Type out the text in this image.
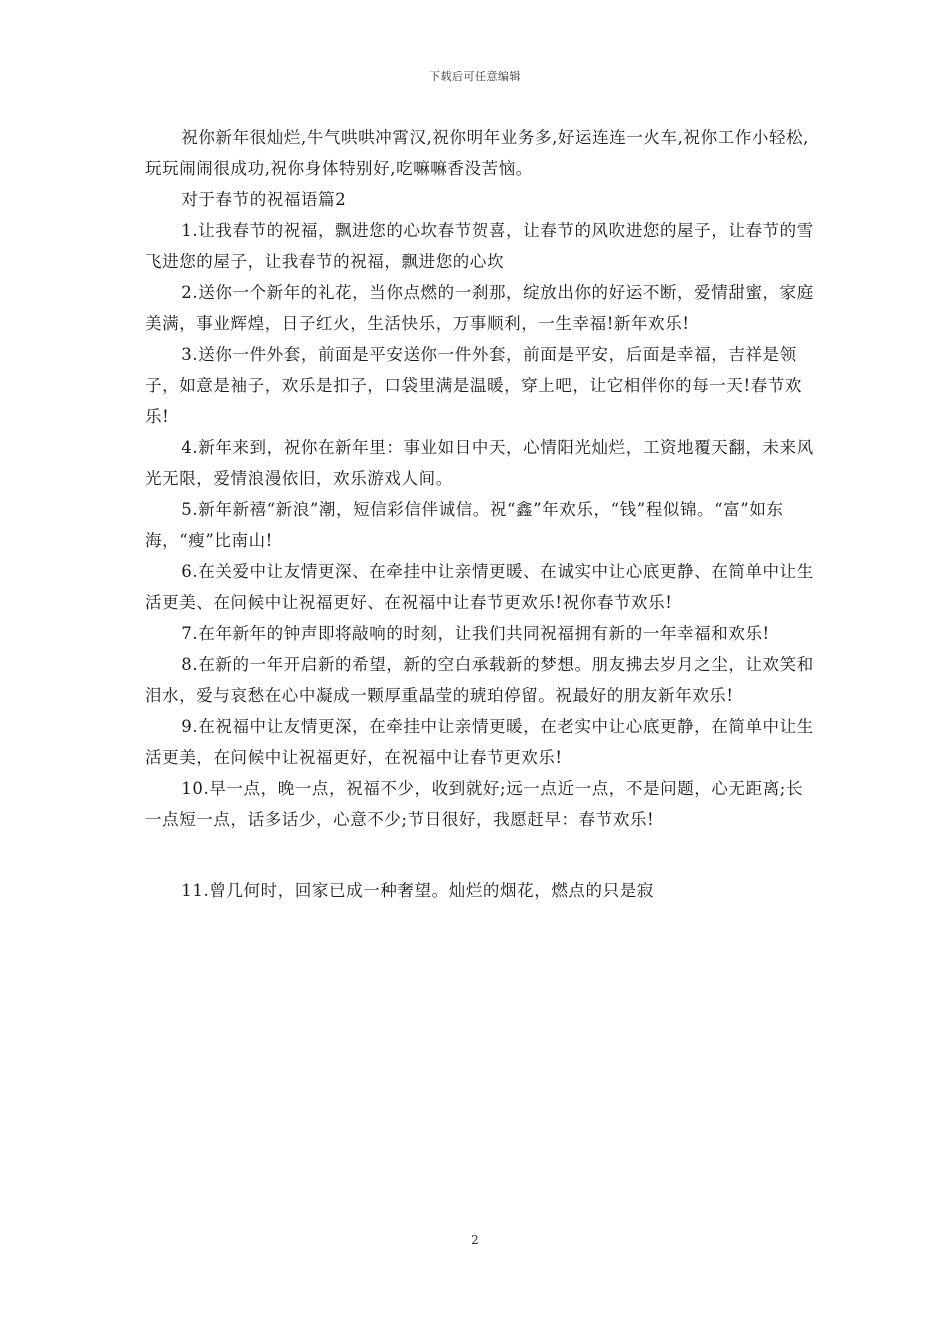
下载后可任意编辑

祝你新年很灿烂,牛气哄哄冲霄汉,祝你明年业务多,好运连连一火车,祝你工作小轻松,玩玩闹闹很成功,祝你身体特别好,吃嘛嘛香没苦恼。

对于春节的祝福语篇2

1.让我春节的祝福，飘进您的心坎春节贺喜，让春节的风吹进您的屋子，让春节的雪飞进您的屋子，让我春节的祝福，飘进您的心坎

2.送你一个新年的礼花，当你点燃的一刹那，绽放出你的好运不断，爱情甜蜜，家庭美满，事业辉煌，日子红火，生活快乐，万事顺利，一生幸福!新年欢乐!

3.送你一件外套，前面是平安送你一件外套，前面是平安，后面是幸福，吉祥是领子，如意是袖子，欢乐是扣子，口袋里满是温暖，穿上吧，让它相伴你的每一天!春节欢乐!

4.新年来到，祝你在新年里：事业如日中天，心情阳光灿烂，工资地覆天翻，未来风光无限，爱情浪漫依旧，欢乐游戏人间。

5.新年新禧“新浪”潮，短信彩信伴诚信。祝“鑫”年欢乐，“钱”程似锦。“富”如东海，“瘦”比南山!

6.在关爱中让友情更深、在牵挂中让亲情更暖、在诚实中让心底更静、在简单中让生活更美、在问候中让祝福更好、在祝福中让春节更欢乐!祝你春节欢乐!

7.在年新年的钟声即将敲响的时刻，让我们共同祝福拥有新的一年幸福和欢乐!

8.在新的一年开启新的希望，新的空白承载新的梦想。朋友拂去岁月之尘，让欢笑和泪水，爱与哀愁在心中凝成一颗厚重晶莹的琥珀停留。祝最好的朋友新年欢乐!

9.在祝福中让友情更深，在牵挂中让亲情更暖，在老实中让心底更静，在简单中让生活更美，在问候中让祝福更好，在祝福中让春节更欢乐!

10.早一点，晚一点，祝福不少，收到就好;远一点近一点，不是问题，心无距离;长一点短一点，话多话少，心意不少;节日很好，我愿赶早：春节欢乐!

11.曾几何时，回家已成一种奢望。灿烂的烟花，燃点的只是寂

2
